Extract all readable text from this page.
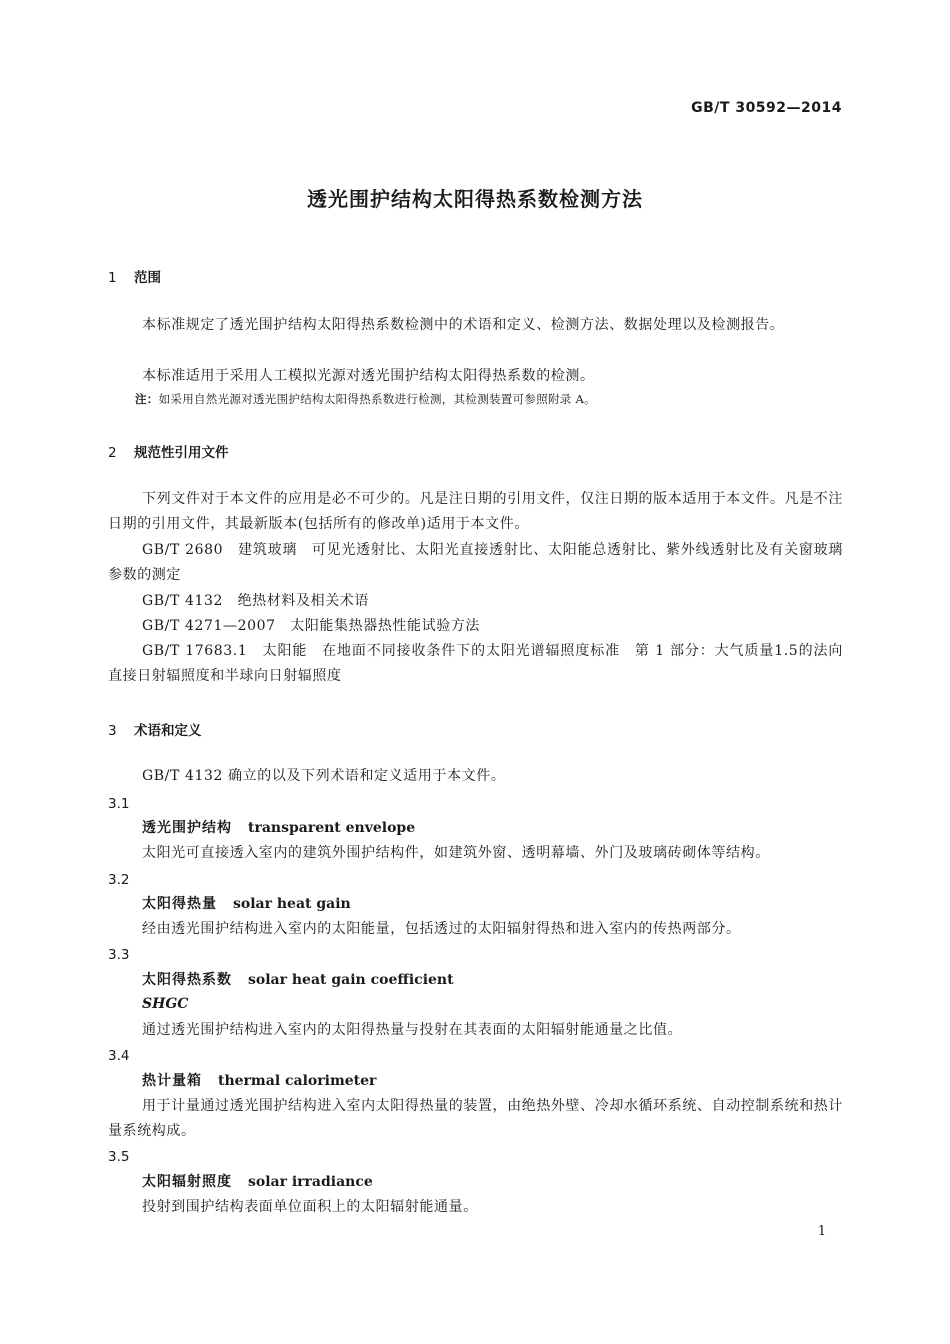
GB/T 30592—2014
透光围护结构太阳得热系数检测方法
1 范围
本标准规定了透光围护结构太阳得热系数检测中的术语和定义、检测方法、数据处理以及检测报告。
本标准适用于采用人工模拟光源对透光围护结构太阳得热系数的检测。
注：如采用自然光源对透光围护结构太阳得热系数进行检测，其检测装置可参照附录 A。
2 规范性引用文件
下列文件对于本文件的应用是必不可少的。凡是注日期的引用文件，仅注日期的版本适用于本文件。凡是不注日期的引用文件，其最新版本(包括所有的修改单)适用于本文件。
GB/T 2680　建筑玻璃　可见光透射比、太阳光直接透射比、太阳能总透射比、紫外线透射比及有关窗玻璃参数的测定
GB/T 4132　绝热材料及相关术语
GB/T 4271—2007　太阳能集热器热性能试验方法
GB/T 17683.1　太阳能　在地面不同接收条件下的太阳光谱辐照度标准　第 1 部分：大气质量1.5的法向直接日射辐照度和半球向日射辐照度
3 术语和定义
GB/T 4132 确立的以及下列术语和定义适用于本文件。
3.1
透光围护结构 transparent envelope
太阳光可直接透入室内的建筑外围护结构件，如建筑外窗、透明幕墙、外门及玻璃砖砌体等结构。
3.2
太阳得热量 solar heat gain
经由透光围护结构进入室内的太阳能量，包括透过的太阳辐射得热和进入室内的传热两部分。
3.3
太阳得热系数 solar heat gain coefficient
SHGC
通过透光围护结构进入室内的太阳得热量与投射在其表面的太阳辐射能通量之比值。
3.4
热计量箱 thermal calorimeter
用于计量通过透光围护结构进入室内太阳得热量的装置，由绝热外壁、冷却水循环系统、自动控制系统和热计量系统构成。
3.5
太阳辐射照度 solar irradiance
投射到围护结构表面单位面积上的太阳辐射能通量。
1
